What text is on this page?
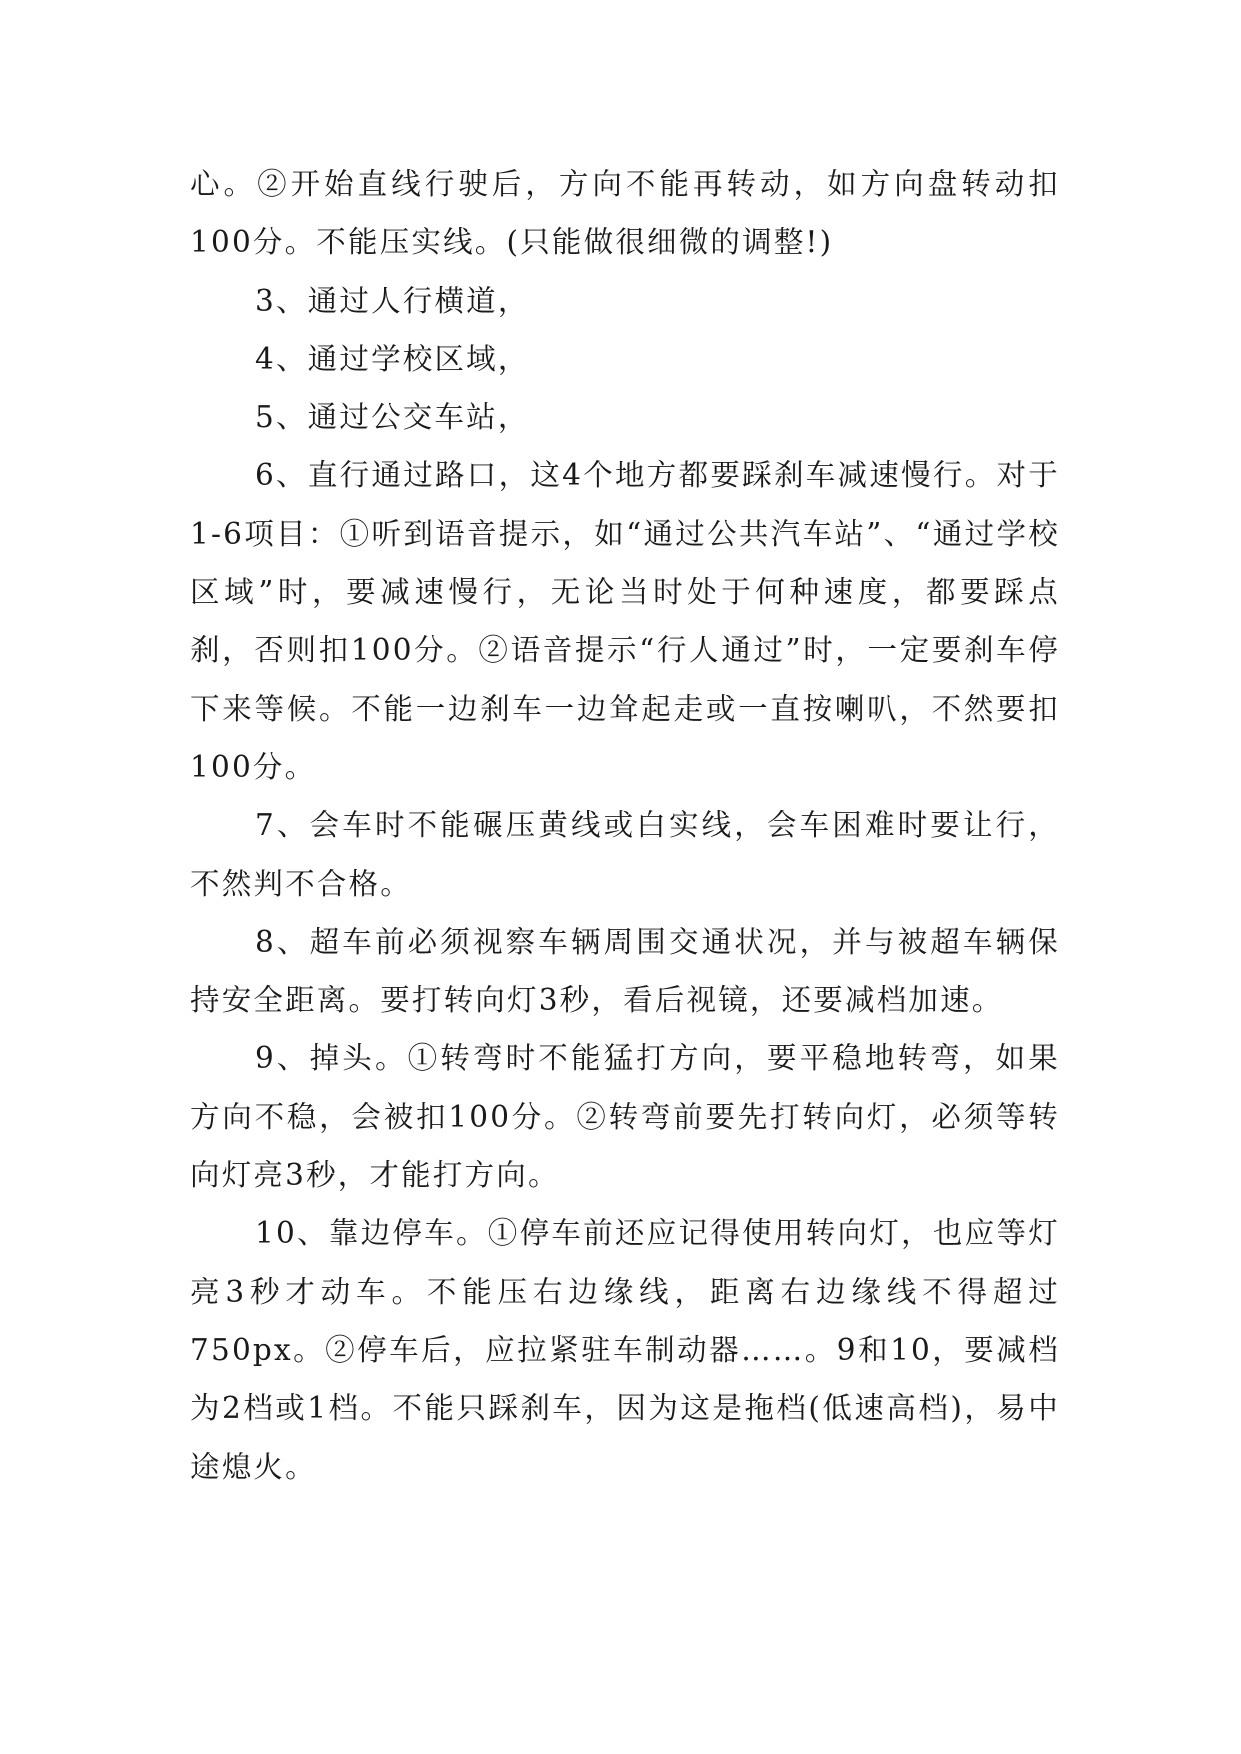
心。②开始直线行驶后，方向不能再转动，如方向盘转动扣100分。不能压实线。(只能做很细微的调整!)

3、通过人行横道，

4、通过学校区域，

5、通过公交车站，

6、直行通过路口，这4个地方都要踩刹车减速慢行。对于1-6项目：①听到语音提示，如“通过公共汽车站”、“通过学校区域”时，要减速慢行，无论当时处于何种速度，都要踩点刹，否则扣100分。②语音提示“行人通过”时，一定要刹车停下来等候。不能一边刹车一边耸起走或一直按喇叭，不然要扣100分。

7、会车时不能碾压黄线或白实线，会车困难时要让行，不然判不合格。

8、超车前必须视察车辆周围交通状况，并与被超车辆保持安全距离。要打转向灯3秒，看后视镜，还要减档加速。

9、掉头。①转弯时不能猛打方向，要平稳地转弯，如果方向不稳，会被扣100分。②转弯前要先打转向灯，必须等转向灯亮3秒，才能打方向。

10、靠边停车。①停车前还应记得使用转向灯，也应等灯亮3秒才动车。不能压右边缘线，距离右边缘线不得超过750px。②停车后，应拉紧驻车制动器……。9和10，要减档为2档或1档。不能只踩刹车，因为这是拖档(低速高档)，易中途熄火。
